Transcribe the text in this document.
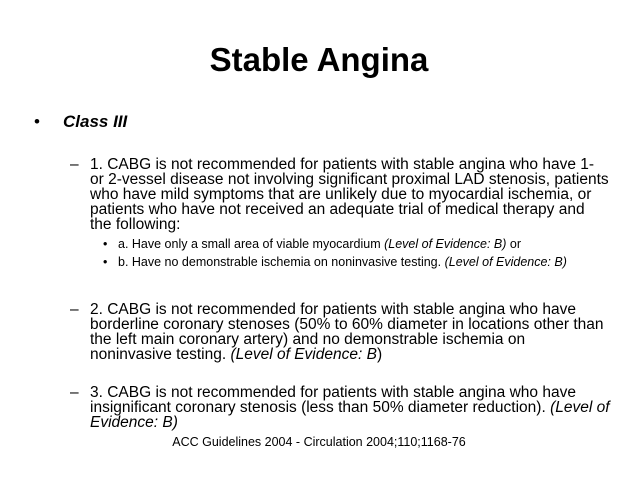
Stable Angina
• Class III
– 1. CABG is not recommended for patients with stable angina who have 1- or 2-vessel disease not involving significant proximal LAD stenosis, patients who have mild symptoms that are unlikely due to myocardial ischemia, or patients who have not received an adequate trial of medical therapy and the following:
• a. Have only a small area of viable myocardium (Level of Evidence: B) or
• b. Have no demonstrable ischemia on noninvasive testing. (Level of Evidence: B)
– 2. CABG is not recommended for patients with stable angina who have borderline coronary stenoses (50% to 60% diameter in locations other than the left main coronary artery) and no demonstrable ischemia on noninvasive testing. (Level of Evidence: B)
– 3. CABG is not recommended for patients with stable angina who have insignificant coronary stenosis (less than 50% diameter reduction). (Level of Evidence: B)
ACC Guidelines 2004 - Circulation 2004;110;1168-76
